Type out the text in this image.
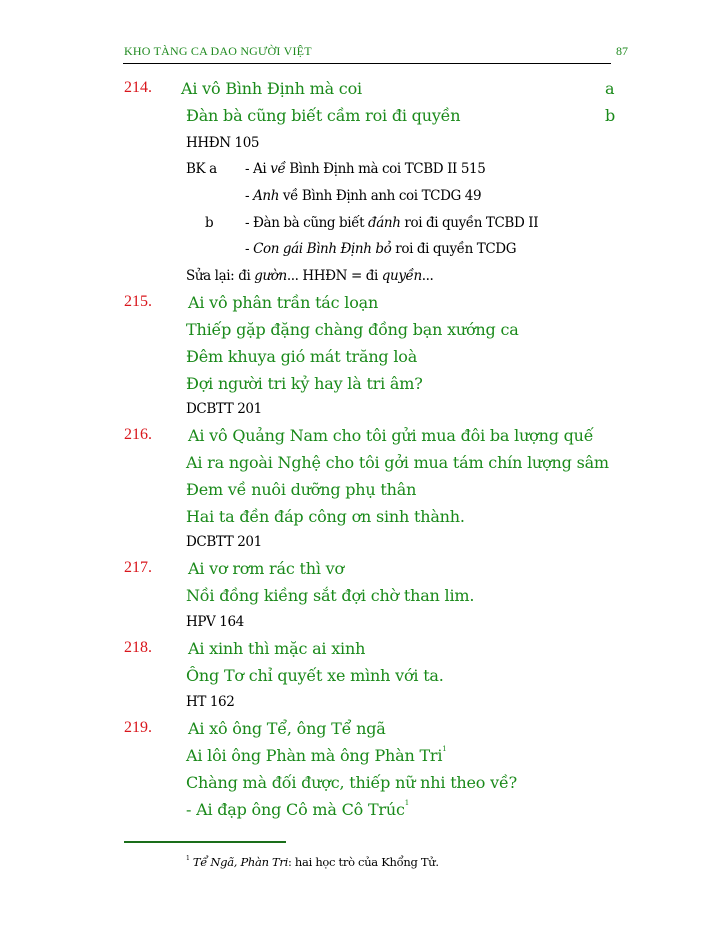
KHO TÀNG CA DAO NGƯỜI VIỆT	87
214. Ai vô Bình Định mà coi	a
Đàn bà cũng biết cầm roi đi quyền	b
HHĐN 105
BK a - Ai về Bình Định mà coi TCBD II 515
- Anh về Bình Định anh coi TCDG 49
b - Đàn bà cũng biết đánh roi đi quyền TCBD II
- Con gái Bình Định bỏ roi đi quyền TCDG
Sửa lại: đi gườn... HHĐN = đi quyền...
215. Ai vô phân trần tác loạn
Thiếp gặp đặng chàng đồng bạn xướng ca
Đêm khuya gió mát trăng loà
Đợi người tri kỷ hay là tri âm?
DCBTT 201
216. Ai vô Quảng Nam cho tôi gửi mua đôi ba lượng quế
Ai ra ngoài Nghệ cho tôi gởi mua tám chín lượng sâm
Đem về nuôi dưỡng phụ thân
Hai ta đền đáp công ơn sinh thành.
DCBTT 201
217. Ai vơ rơm rác thì vơ
Nồi đồng kiềng sắt đợi chờ than lim.
HPV 164
218. Ai xinh thì mặc ai xinh
Ông Tơ chỉ quyết xe mình với ta.
HT 162
219. Ai xô ông Tể, ông Tể ngã
Ai lôi ông Phàn mà ông Phàn Tri$^1$
Chàng mà đối được, thiếp nữ nhi theo về?
- Ai đạp ông Cô mà Cô Trúc$^1$
$^1$ Tể Ngã, Phàn Tri: hai học trò của Khổng Tử.
